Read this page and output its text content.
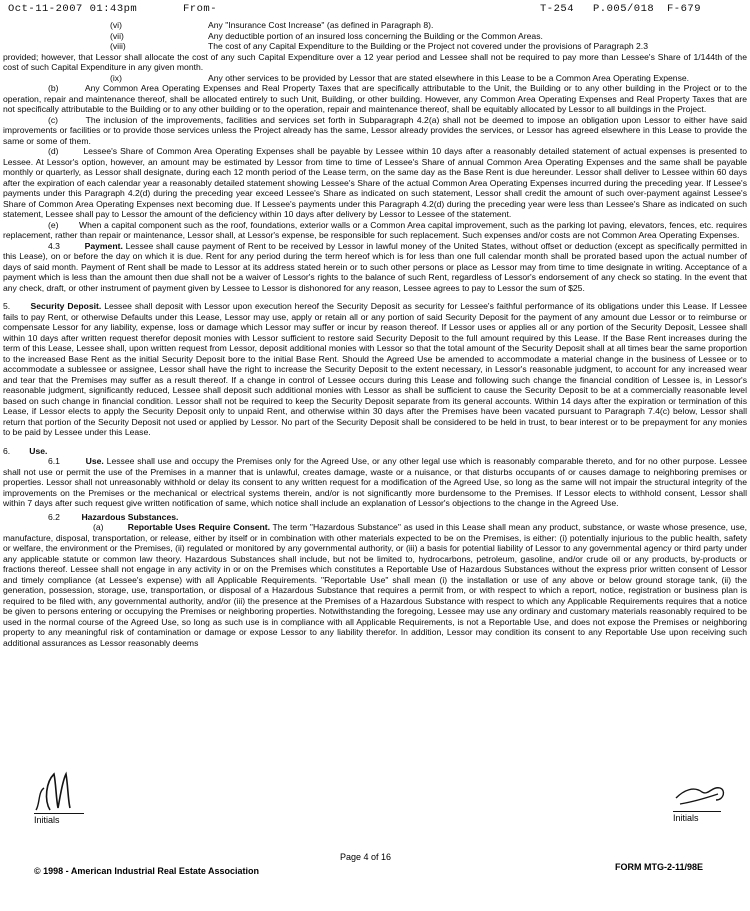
Oct-11-2007 01:43pm	From-	T-254 P.005/018 F-679
(vi)	Any "Insurance Cost Increase" (as defined in Paragraph 8).
(vii)	Any deductible portion of an insured loss concerning the Building or the Common Areas.
(viii)	The cost of any Capital Expenditure to the Building or the Project not covered under the provisions of Paragraph 2.3

provided; however, that Lessor shall allocate the cost of any such Capital Expenditure over a 12 year period and Lessee shall not be required to pay more than Lessee's Share of 1/144th of the cost of such Capital Expenditure in any given month.

(ix)	Any other services to be provided by Lessor that are stated elsewhere in this Lease to be a Common Area Operating Expense.

(b)	Any Common Area Operating Expenses and Real Property Taxes that are specifically attributable to the Unit, the Building or to any other building in the Project or to the operation, repair and maintenance thereof, shall be allocated entirely to such Unit, Building, or other building. However, any Common Area Operating Expenses and Real Property Taxes that are not specifically attributable to the Building or to any other building or to the operation, repair and maintenance thereof, shall be equitably allocated by Lessor to all buildings in the Project.

(c)	The inclusion of the improvements, facilities and services set forth in Subparagraph 4.2(a) shall not be deemed to impose an obligation upon Lessor to either have said improvements or facilities or to provide those services unless the Project already has the same, Lessor already provides the services, or Lessor has agreed elsewhere in this Lease to provide the same or some of them.

(d)	Lessee's Share of Common Area Operating Expenses shall be payable by Lessee within 10 days after a reasonably detailed statement of actual expenses is presented to Lessee. At Lessor's option, however, an amount may be estimated by Lessor from time to time of Lessee's Share of annual Common Area Operating Expenses and the same shall be payable monthly or quarterly, as Lessor shall designate, during each 12 month period of the Lease term, on the same day as the Base Rent is due hereunder. Lessor shall deliver to Lessee within 60 days after the expiration of each calendar year a reasonably detailed statement showing Lessee's Share of the actual Common Area Operating Expenses incurred during the preceding year. If Lessee's payments under this Paragraph 4.2(d) during the preceding year exceed Lessee's Share as indicated on such statement, Lessor shall credit the amount of such over-payment against Lessee's Share of Common Area Operating Expenses next becoming due. If Lessee's payments under this Paragraph 4.2(d) during the preceding year were less than Lessee's Share as indicated on such statement, Lessee shall pay to Lessor the amount of the deficiency within 10 days after delivery by Lessor to Lessee of the statement.

(e) When a capital component such as the roof, foundations, exterior walls or a Common Area capital improvement, such as the parking lot paving, elevators, fences, etc. requires replacement, rather than repair or maintenance, Lessor shall, at Lessor's expense, be responsible for such replacement. Such expenses and/or costs are not Common Area Operating Expenses.

4.3	Payment. Lessee shall cause payment of Rent to be received by Lessor in lawful money of the United States, without offset or deduction (except as specifically permitted in this Lease), on or before the day on which it is due. Rent for any period during the term hereof which is for less than one full calendar month shall be prorated based upon the actual number of days of said month. Payment of Rent shall be made to Lessor at its address stated herein or to such other persons or place as Lessor may from time to time designate in writing. Acceptance of a payment which is less than the amount then due shall not be a waiver of Lessor's rights to the balance of such Rent, regardless of Lessor's endorsement of any check so stating. In the event that any check, draft, or other instrument of payment given by Lessee to Lessor is dishonored for any reason, Lessee agrees to pay to Lessor the sum of $25.

5. Security Deposit. Lessee shall deposit with Lessor upon execution hereof the Security Deposit as security for Lessee's faithful performance of its obligations under this Lease. If Lessee fails to pay Rent, or otherwise Defaults under this Lease, Lessor may use, apply or retain all or any portion of said Security Deposit for the payment of any amount due Lessor or to reimburse or compensate Lessor for any liability, expense, loss or damage which Lessor may suffer or incur by reason thereof. If Lessor uses or applies all or any portion of the Security Deposit, Lessee shall within 10 days after written request therefor deposit monies with Lessor sufficient to restore said Security Deposit to the full amount required by this Lease. If the Base Rent increases during the term of this Lease, Lessee shall, upon written request from Lessor, deposit additional monies with Lessor so that the total amount of the Security Deposit shall at all times bear the same proportion to the increased Base Rent as the initial Security Deposit bore to the initial Base Rent. Should the Agreed Use be amended to accommodate a material change in the business of Lessee or to accommodate a sublessee or assignee, Lessor shall have the right to increase the Security Deposit to the extent necessary, in Lessor's reasonable judgment, to account for any increased wear and tear that the Premises may suffer as a result thereof. If a change in control of Lessee occurs during this Lease and following such change the financial condition of Lessee is, in Lessor's reasonable judgment, significantly reduced, Lessee shall deposit such additional monies with Lessor as shall be sufficient to cause the Security Deposit to be at a commercially reasonable level based on such change in financial condition. Lessor shall not be required to keep the Security Deposit separate from its general accounts. Within 14 days after the expiration or termination of this Lease, if Lessor elects to apply the Security Deposit only to unpaid Rent, and otherwise within 30 days after the Premises have been vacated pursuant to Paragraph 7.4(c) below, Lessor shall return that portion of the Security Deposit not used or applied by Lessor. No part of the Security Deposit shall be considered to be held in trust, to bear interest or to be prepayment for any monies to be paid by Lessee under this Lease.

6. Use.

6.1	Use. Lessee shall use and occupy the Premises only for the Agreed Use, or any other legal use which is reasonably comparable thereto, and for no other purpose. Lessee shall not use or permit the use of the Premises in a manner that is unlawful, creates damage, waste or a nuisance, or that disturbs occupants of or causes damage to neighboring premises or properties. Lessor shall not unreasonably withhold or delay its consent to any written request for a modification of the Agreed Use, so long as the same will not impair the structural integrity of the improvements on the Premises or the mechanical or electrical systems therein, and/or is not significantly more burdensome to the Premises. If Lessor elects to withhold consent, Lessor shall within 7 days after such request give written notification of same, which notice shall include an explanation of Lessor's objections to the change in the Agreed Use.

6.2	Hazardous Substances.

(a)	Reportable Uses Require Consent. The term "Hazardous Substance" as used in this Lease shall mean any product, substance, or waste whose presence, use, manufacture, disposal, transportation, or release, either by itself or in combination with other materials expected to be on the Premises, is either: (i) potentially injurious to the public health, safety or welfare, the environment or the Premises, (ii) regulated or monitored by any governmental authority, or (iii) a basis for potential liability of Lessor to any governmental agency or third party under any applicable statute or common law theory. Hazardous Substances shall include, but not be limited to, hydrocarbons, petroleum, gasoline, and/or crude oil or any products, by-products or fractions thereof. Lessee shall not engage in any activity in or on the Premises which constitutes a Reportable Use of Hazardous Substances without the express prior written consent of Lessor and timely compliance (at Lessee's expense) with all Applicable Requirements. "Reportable Use" shall mean (i) the installation or use of any above or below ground storage tank, (ii) the generation, possession, storage, use, transportation, or disposal of a Hazardous Substance that requires a permit from, or with respect to which a report, notice, registration or business plan is required to be filed with, any governmental authority, and/or (iii) the presence at the Premises of a Hazardous Substance with respect to which any Applicable Requirements requires that a notice be given to persons entering or occupying the Premises or neighboring properties. Notwithstanding the foregoing, Lessee may use any ordinary and customary materials reasonably required to be used in the normal course of the Agreed Use, so long as such use is in compliance with all Applicable Requirements, is not a Reportable Use, and does not expose the Premises or neighboring property to any meaningful risk of contamination or damage or expose Lessor to any liability therefor. In addition, Lessor may condition its consent to any Reportable Use upon receiving such additional assurances as Lessor reasonably deems

Initials	Initials
Page 4 of 16
© 1998 - American Industrial Real Estate Association	FORM MTG-2-11/98E
